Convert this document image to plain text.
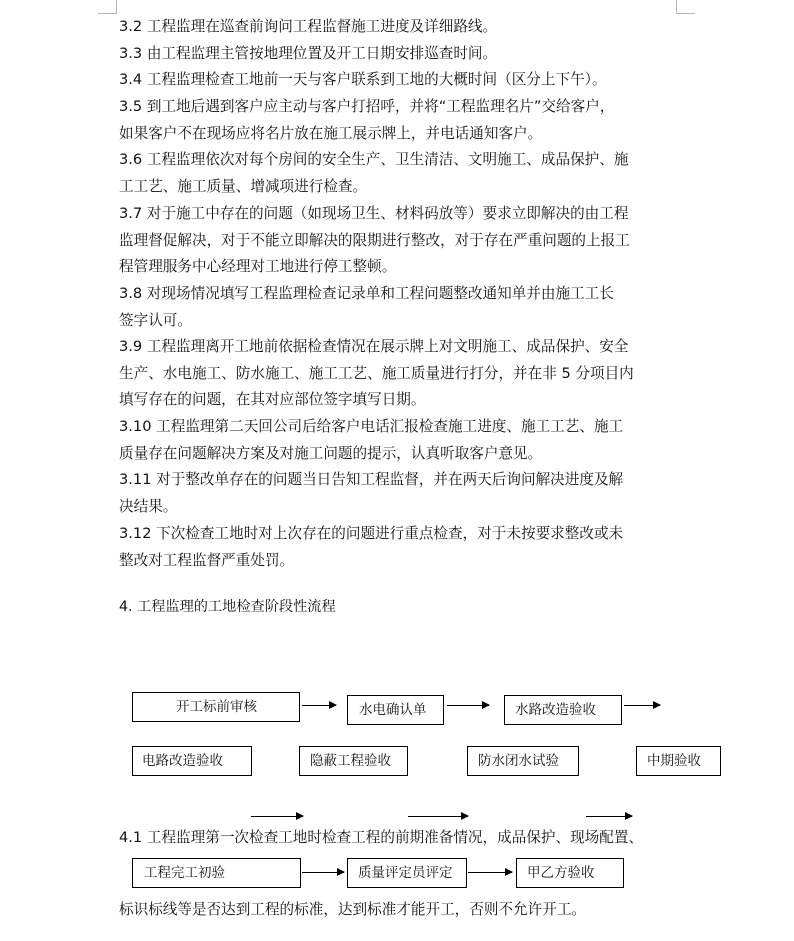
3.2 工程监理在巡查前询问工程监督施工进度及详细路线。
3.3 由工程监理主管按地理位置及开工日期安排巡查时间。
3.4 工程监理检查工地前一天与客户联系到工地的大概时间（区分上下午）。
3.5 到工地后遇到客户应主动与客户打招呼，并将“工程监理名片”交给客户，
如果客户不在现场应将名片放在施工展示牌上，并电话通知客户。
3.6 工程监理依次对每个房间的安全生产、卫生清洁、文明施工、成品保护、施
工工艺、施工质量、增减项进行检查。
3.7 对于施工中存在的问题（如现场卫生、材料码放等）要求立即解决的由工程
监理督促解决，对于不能立即解决的限期进行整改，对于存在严重问题的上报工
程管理服务中心经理对工地进行停工整顿。
3.8 对现场情况填写工程监理检查记录单和工程问题整改通知单并由施工工长
签字认可。
3.9 工程监理离开工地前依据检查情况在展示牌上对文明施工、成品保护、安全
生产、水电施工、防水施工、施工工艺、施工质量进行打分，并在非 5 分项目内
填写存在的问题，在其对应部位签字填写日期。
3.10 工程监理第二天回公司后给客户电话汇报检查施工进度、施工工艺、施工
质量存在问题解决方案及对施工问题的提示，认真听取客户意见。
3.11 对于整改单存在的问题当日告知工程监督，并在两天后询问解决进度及解
决结果。
3.12 下次检查工地时对上次存在的问题进行重点检查，对于未按要求整改或未
整改对工程监督严重处罚。
4. 工程监理的工地检查阶段性流程
开工标前审核	水电确认单	水路改造验收
电路改造验收	隐蔽工程验收	防水闭水试验	中期验收
4.1 工程监理第一次检查工地时检查工程的前期准备情况，成品保护、现场配置、
工程完工初验	质量评定员评定	甲乙方验收
标识标线等是否达到工程的标准，达到标准才能开工，否则不允许开工。
